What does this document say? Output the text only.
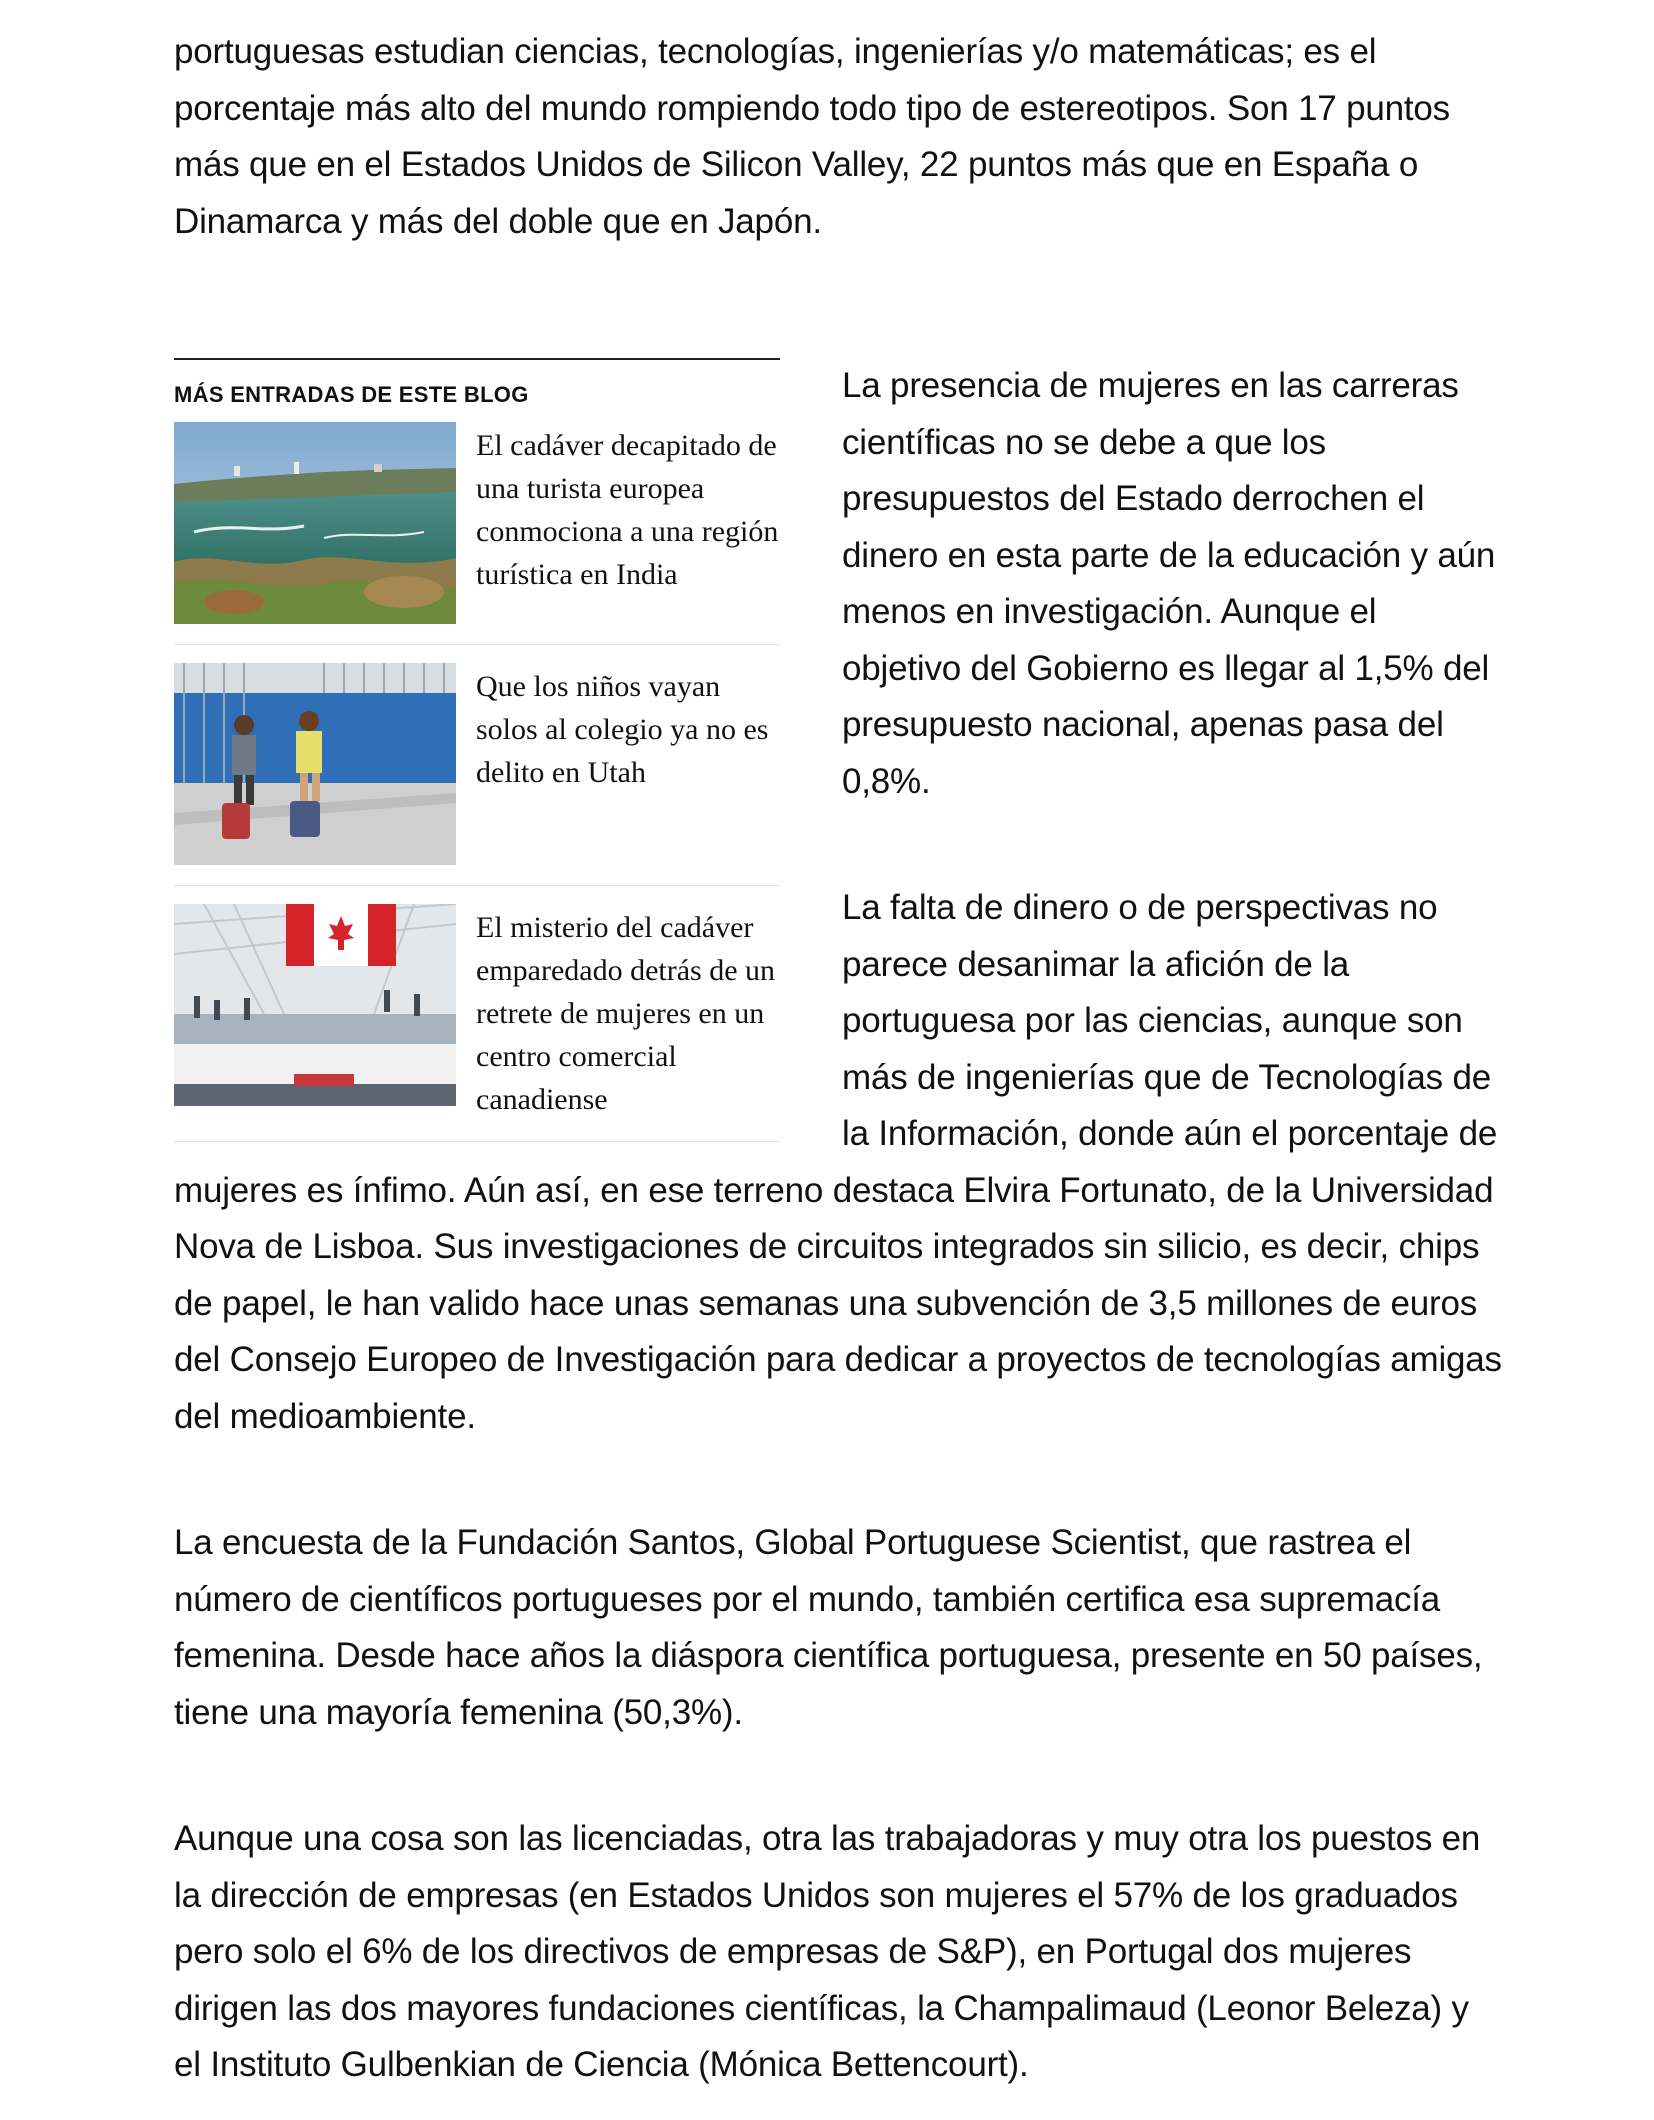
portuguesas estudian ciencias, tecnologías, ingenierías y/o matemáticas; es el porcentaje más alto del mundo rompiendo todo tipo de estereotipos. Son 17 puntos más que en el Estados Unidos de Silicon Valley, 22 puntos más que en España o Dinamarca y más del doble que en Japón.

MÁS ENTRADAS DE ESTE BLOG
El cadáver decapitado de una turista europea conmociona a una región turística en India
Que los niños vayan solos al colegio ya no es delito en Utah
El misterio del cadáver emparedado detrás de un retrete de mujeres en un centro comercial canadiense

La presencia de mujeres en las carreras científicas no se debe a que los presupuestos del Estado derrochen el dinero en esta parte de la educación y aún menos en investigación. Aunque el objetivo del Gobierno es llegar al 1,5% del presupuesto nacional, apenas pasa del 0,8%.

La falta de dinero o de perspectivas no parece desanimar la afición de la portuguesa por las ciencias, aunque son más de ingenierías que de Tecnologías de la Información, donde aún el porcentaje de mujeres es ínfimo. Aún así, en ese terreno destaca Elvira Fortunato, de la Universidad Nova de Lisboa. Sus investigaciones de circuitos integrados sin silicio, es decir, chips de papel, le han valido hace unas semanas una subvención de 3,5 millones de euros del Consejo Europeo de Investigación para dedicar a proyectos de tecnologías amigas del medioambiente.

La encuesta de la Fundación Santos, Global Portuguese Scientist, que rastrea el número de científicos portugueses por el mundo, también certifica esa supremacía femenina. Desde hace años la diáspora científica portuguesa, presente en 50 países, tiene una mayoría femenina (50,3%).

Aunque una cosa son las licenciadas, otra las trabajadoras y muy otra los puestos en la dirección de empresas (en Estados Unidos son mujeres el 57% de los graduados pero solo el 6% de los directivos de empresas de S&P), en Portugal dos mujeres dirigen las dos mayores fundaciones científicas, la Champalimaud (Leonor Beleza) y el Instituto Gulbenkian de Ciencia (Mónica Bettencourt).
